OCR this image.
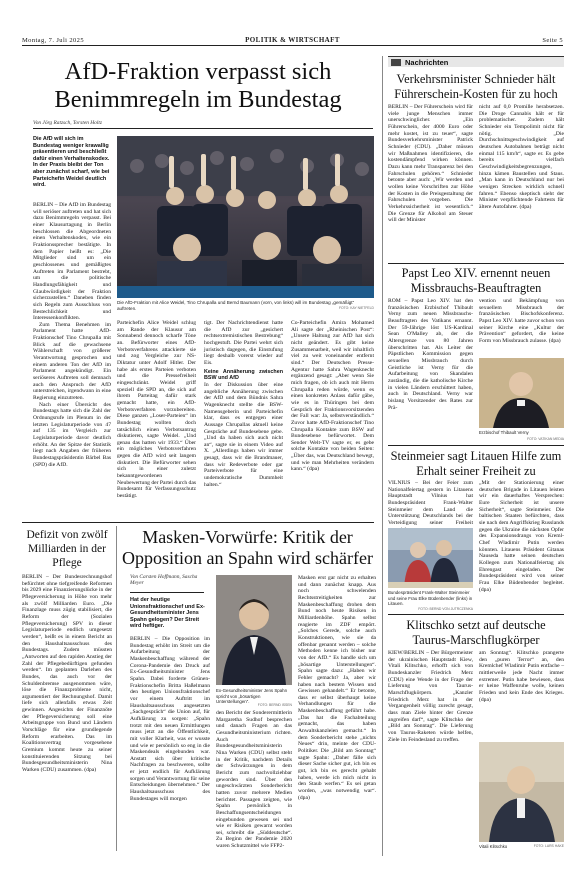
Montag, 7. Juli 2025	POLITIK & WIRTSCHAFT	Seite 5
AfD-Fraktion verpasst sich Benimmregeln im Bundestag
Von Jörg Ratzsch, Torsten Holtz
Die AfD will sich im Bundestag weniger krawallig präsentieren und beschließt dafür einen Verhaltenskodex. In der Praxis bleibt der Ton aber zunächst scharf, wie bei Parteichefin Weidel deutlich wird.

BERLIN – Die AfD im Bundestag will seriöser auftreten und hat sich dazu Benimmregeln verpasst. Bei einer Klausurtagung in Berlin beschlossen die Abgeordneten einen Verhaltenskodex, wie ein Fraktionssprecher bestätigte. In dem Papier heißt es: „Die Mitglieder sind um ein geschlossenes und gemäßigtes Auftreten im Parlament bestrebt, um die politische Handlungsfähigkeit und Glaubwürdigkeit der Fraktion sicherzustellen.“ Daneben finden sich Regeln zum Ausschluss von Bestechlichkeit und Interessenkonflikten.

Zum Thema Benehmen im Parlament hatte AfD-Fraktionschef Tino Chrupalla mit Blick auf die gewachsene Wählerschaft von größerer Verantwortung gesprochen und einem anderen Ton der AfD im Parlament angekündigt. Ein seriöseres Auftreten soll demnach auch den Anspruch der AfD unterstreichen, irgendwann in eine Regierung einzutreten.

Nach einer Übersicht des Bundestags hatte sich die Zahl der Ordnungsrufe im Plenum in der letzten Legislaturperiode von 47 auf 135 im Vergleich zur Legislaturperiode davor deutlich erhöht. An der Spitze der Statistik liegt nach Angaben der früheren Bundestagspräsidentin Bärbel Bas (SPD) die AfD.

Die AfD-Fraktion mit Alice Weidel, Tino Chrupalla und Bernd Baumann (vorn, von links) will im Bundestag „gemäßigt“ auftreten.	FOTO: KAY NIETFELD

Parteichefin Alice Weidel schlug am Rande der Klausur am Sonnabend dennoch scharfe Töne an. Befürworter eines AfD-Verbotsverfahrens attackierte sie und zog Vergleiche zur NS-Diktatur unter Adolf Hitler. Der habe als erstes Parteien verboten und die Pressefreiheit eingeschränkt. Weidel griff speziell die SPD an, die sich auf ihrem Parteitag dafür stark gemacht hatte, ein AfD-Verbotsverfahren vorzubereiten. Diese ganzen „Loser-Parteien“ im Bundestag wollten doch tatsächlich einen Verbotsantrag diskutieren, sagte Weidel. „Und genau das hatten wir 1933.“ Über ein mögliches Verbotsverfahren gegen die AfD wird seit langem diskutiert. Die Befürworter sehen sich in einer zuletzt bekanntgewordenen Neubewertung der Partei durch das Bundesamt für Verfassungsschutz bestätigt.

tigt. Der Nachrichtendienst hatte die AfD zur „gesichert rechtsextremistischen Bestrebung“ hochgestuft. Die Partei wehrt sich juristisch dagegen, die Einstufung liegt deshalb vorerst wieder auf Eis.

Keine Annäherung zwischen BSW und AfD

In der Diskussion über eine angebliche Annäherung zwischen der AfD und dem Bündnis Sahra Wagenknecht stellte die BSW-Namensgeberin und Parteichefin klar, dass es entgegen einer Aussage Chrupallas aktuell keine Gespräche auf Bundesebene gebe. „Und da haben sich auch nicht an“, sagte sie in einem Video auf X. „Allerdings haben wir immer gesagt, dass wir die Brandmauer, dass wir Redeverbote oder gar Parteiverbote für eine undemokratische Dummheit halten.“

Co-Parteichefin Amira Mohamed Ali sagte der „Rheinischen Post“: „Unsere Haltung zur AfD hat sich nicht geändert. Es gibt keine Zusammenarbeit, weil wir inhaltlich viel zu weit voneinander entfernt sind.“ Der Deutschen Presse-Agentur hatte Sahra Wagenknecht ergänzend gesagt: „Aber wenn Sie mich fragen, ob ich auch mit Herrn Chrupalla reden würde, wenn es einen konkreten Anlass dafür gäbe, wie es in Thüringen bei dem Gespräch der Fraktionsvorsitzenden der Fall war: Ja, selbstverständlich.“ Zuvor hatte AfD-Fraktionschef Tino Chrupalla Kontakte zum BSW auf Bundesebene befürwortet. Dem Sender Welt-TV sagte er, es gebe solche Kontakte von beiden Seiten: „Über das, was Deutschland bewegt, und wie man Mehrheiten verändern kann.“ (dpa)

Nachrichten
Verkehrsminister Schnieder hält Führerschein-Kosten für zu hoch

BERLIN – Der Führerschein wird für viele junge Menschen immer unerschwinglicher. „Ein Führerschein, der 4000 Euro oder mehr kostet, ist zu teuer“, sagte Bundesverkehrsminister Patrick Schnieder (CDU). „Daher müssen wir Maßnahmen identifizieren, die kostendämpfend wirken können. Dazu kann mehr Transparenz bei den Fahrschulen gehören.“ Schnieder betonte aber auch: „Wir werden und wollen keine Vorschriften zur Höhe der Kosten in die Preisgestaltung der Fahrschulen vorgeben. Die Verkehrssicherheit ist wesentlich.“ Die Grenze für Alkohol am Steuer will der Minister

nicht auf 0,0 Promille herabsetzen. Die Droge Cannabis hält er für problematischer. Zudem hält Schnieder ein Tempolimit nicht für nötig. „Die Durchschnittsgeschwindigkeit auf deutschen Autobahnen beträgt nicht einmal 115 km/h“, sagte er. Es gebe bereits vielfach Geschwindigkeitsbegrenzungen, hinzu kämen Baustellen und Staus. „Man kann in Deutschland nur bei wenigen Strecken wirklich schnell fahren.“ Ebenso skeptisch sieht der Minister verpflichtende Fahrtests für ältere Autofahrer. (dpa)

Papst Leo XIV. ernennt neuen Missbrauchs-Beauftragten

ROM – Papst Leo XIV. hat den französischen Erzbischof Thibault Verny zum neuen Missbrauchs-Beauftragten des Vatikans ernannt. Der 59-Jährige löst US-Kardinal Sean O'Malley ab, der die Altersgrenze von 80 Jahren überschritten hat. Als Leiter der Päpstlichen Kommission gegen sexuellen Missbrauch durch Geistliche ist Verny für die Aufarbeitung von Skandalen zuständig, die die katholische Kirche in vielen Ländern erschüttert haben, auch in Deutschland. Verny war bislang Vorsitzender des Rates zur Prä-

vention und Bekämpfung von sexuellem Missbrauch der französischen Bischofskonferenz. Papst Leo XIV. hatte zuvor schon von seiner Kirche eine „Kultur der Prävention“ gefordert, die keine Form von Missbrauch zulasse. (dpa)

Erzbischof Thibault Verny
FOTO: VATIKAN MEDIA
Steinmeier sagt Litauen Hilfe zum Erhalt seiner Freiheit zu

VILNIUS – Bei der Feier zum Nationalfeiertag gestern in Litauens Hauptstadt Vilnius hat Bundespräsident Frank-Walter Steinmeier dem Land die Unterstützung Deutschlands bei der Verteidigung seiner Freiheit

Bundespräsident Frank-Walter Steinmeier und seine Frau Elke Büdenbender (links) in Litauen.
FOTO: BERND VON JUTRCZENKA

„Mit der Stationierung einer deutschen Brigade in Litauen leisten wir ein dauerhaftes Versprechen: Eure Sicherheit ist unsere Sicherheit“, sagte Steinmeier. Die baltischen Staaten befürchten, dass sie nach dem Angriffskrieg Russlands gegen die Ukraine die nächsten Opfer des Expansionsdrangs von Kreml-Chef Wladimir Putin werden könnten. Litauens Präsident Gitanas Nauseda hatte seinen deutschen Kollegen zum Nationalfeiertag als Ehrengast eingeladen. Der Bundespräsident wird von seiner Frau Elke Büdenbender begleitet. (dpa)

Klitschko setzt auf deutsche Taurus-Marschflugkörper

KIEW/BERLIN – Der Bürgermeister der ukrainischen Hauptstadt Kiew, Vitali Klitschko, erhofft sich von Bundeskanzler Friedrich Merz (CDU) eine Wende in der Frage der Lieferung von Taurus-Marschflugkörpern. „Kanzler Friedrich Merz hat in der Vergangenheit völlig zurecht gesagt, dass man Ziele hinter der Grenze angreifen darf“, sagte Klitschko der „Bild am Sonntag“. Die Lieferung von Taurus-Raketen würde helfen, Ziele im Feindesland zu treffen.

am Sonntag“. Klitschko prangerte den „puren Terror“ an, den Kremlchef Wladimir Putin entfache – mittlerweile jede Nacht immer extremer. Putin habe bewiesen, dass er keine Waffenruhe wolle, keinen Frieden und kein Ende des Krieges. (dpa)

Vitali Klitschko	FOTO: LARS HAKE
Defizit von zwölf Milliarden in der Pflege

BERLIN – Der Bundesrechnungshof befürchtet ohne tiefgreifende Reformen bis 2029 eine Finanzierungslücke in der Pflegeversicherung in Höhe von mehr als zwölf Milliarden Euro. „Die Finanzlage muss zügig stabilisiert, die Reform der (Sozialen Pflegeversicherung) SPV in dieser Legislaturperiode endlich umgesetzt werden“, heißt es in einem Bericht an den Haushaltsausschuss des Bundestags. Zudem müssten „Antworten auf den rapiden Anstieg der Zahl der Pflegebedürftigen gefunden werden“. Im geplanten Darlehen des Bundes, das auch vor der Schuldenbremse ausgenommen wäre, löse die Finanzprobleme nicht, argumentiert der Rechnungshof. Damit liefe sich allenfalls etwas Zeit gewinnen. Angesichts der Finanznöte der Pflegeversicherung soll eine Arbeitsgruppe von Bund und Ländern Vorschläge für eine grundlegende Reform erarbeiten. Das im Koalitionsvertrag vorgesehene Gremium kommt heute zu seiner konstituierenden Sitzung bei Bundesgesundheitsministerin Nina Warken (CDU) zusammen. (dpa)

Masken-Vorwürfe: Kritik der Opposition an Spahn wird schärfer
Von Carsten Hoffmann, Sascha Meyer
Hat der heutige Unionsfraktionschef und Ex-Gesundheitsminister Jens Spahn gelogen? Der Streit wird heftiger.

BERLIN – Die Opposition im Bundestag erhöht im Streit um die Aufarbeitung der Maskenbeschaffung während der Corona-Pandemie den Druck auf Ex-Gesundheitsminister Jens Spahn. Dabei forderte Grünen-Fraktionschefin Britta Haßelmann den heutigen Unionsfraktionschef vor einem Auftritt im Haushaltsausschuss angesetzten „Sachgespräch“ die Union auf, für Aufklärung zu sorgen: „Spahn trotzt mit den neuen Ermittlungen muss jetzt an die Öffentlichkeit, mit voller Klarheit, was er wusste und wie er persönlich so eng in die Maskendeals eingebunden war. Anstatt sich über kritische Nachfragen zu beschweren, sollte er jetzt endlich für Aufklärung sorgen und Verantwortung für seine Entscheidungen übernehmen.“ Der Haushaltsausschuss des Bundestages will morgen

Ex-Gesundheitsminister Jens Spahn spricht von „bösartigen Unterstellungen“.
FOTO: BERND ISSEN

den Bericht der Sonderermittlerin Margaretha Sudhof besprechen und danach Fragen an das Gesundheitsministerium richten. Auch Bundesgesundheitsministerin Nina Warken (CDU) selbst steht in der Kritik, nachdem Details der Schwärzungen in dem Bericht zum nachvollziehbar geworden sind. Über den ungeschwärzten Sonderbericht hatten zuvor mehrere Medien berichtet. Passagen zeigten, wie Spahn persönlich in Beschaffungsentscheidungen eingebunden gewesen sei und wie er Risiken gewarnt worden sei, schreibt die „Süddeutsche“. Zu Beginn der Pandemie 2020 waren Schutzmittel wie FFP2-

Masken erst gar nicht zu erhalten und dann zunächst knapp. Aus noch schwelenden Rechtsstreitigkeiten zur Maskenbeschaffung drohen dem Bund noch heute Risiken in Milliardenhöhe. Spahn selbst reagierte im ZDF empört. „Solches Gerede, solche auch Konstruktionen, wie sie da offenbar genannt werden – solche Methoden kenne ich bisher nur von der AfD.“ Es handle sich um „bösartige Unterstellungen“. Spahn sagte dazu: „Haben wir Fehler gemacht? Ja, aber wir haben nach bestem Wissen und Gewissen gehandelt.“ Er betonte, dass er selbst überhaupt keine Verhandlungen für die Maskenbeschaffung geführt habe. „Das hat die Fachabteilung gemacht, das haben Anwaltskanzleien gemacht.“ In dem Sonderbericht stehe „nichts Neues“ drin, meinte der CDU-Politiker. Die „Bild am Sonntag“ sagte Spahn: „Daher fälle sich dieser Sache sicher gut, ich bin es gut, ich bin es gerecht gehabt haben, werde ich mich nicht in den Staub werfen.“ Es sei getan worden, „was notwendig war“. (dpa)
